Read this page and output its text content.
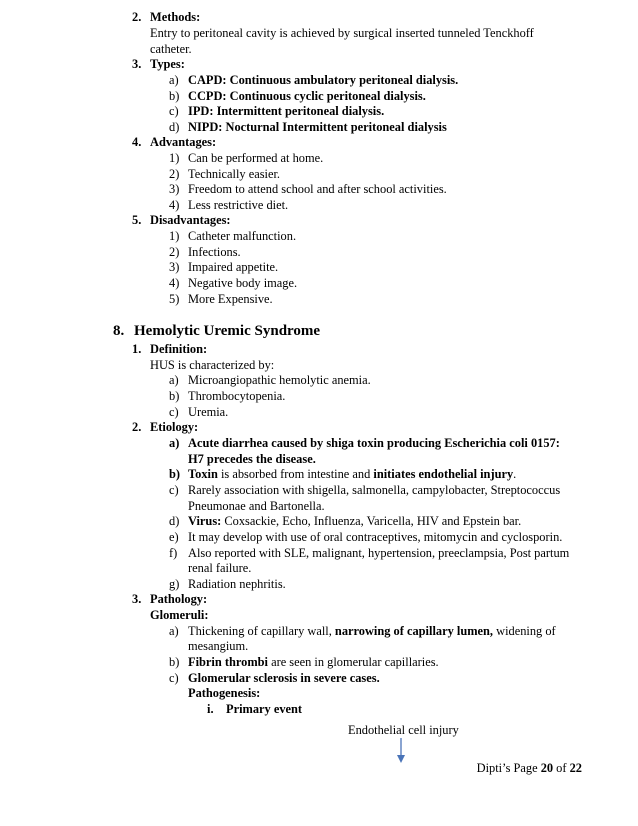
2. Methods:
Entry to peritoneal cavity is achieved by surgical inserted tunneled Tenckhoff
catheter.
3. Types:
a) CAPD: Continuous ambulatory peritoneal dialysis.
b) CCPD: Continuous cyclic peritoneal dialysis.
c) IPD: Intermittent peritoneal dialysis.
d) NIPD: Nocturnal Intermittent peritoneal dialysis
4. Advantages:
1) Can be performed at home.
2) Technically easier.
3) Freedom to attend school and after school activities.
4) Less restrictive diet.
5. Disadvantages:
1) Catheter malfunction.
2) Infections.
3) Impaired appetite.
4) Negative body image.
5) More Expensive.
8. Hemolytic Uremic Syndrome
1. Definition:
HUS is characterized by:
a) Microangiopathic hemolytic anemia.
b) Thrombocytopenia.
c) Uremia.
2. Etiology:
a) Acute diarrhea caused by shiga toxin producing Escherichia coli 0157:
H7 precedes the disease.
b) Toxin is absorbed from intestine and initiates endothelial injury.
c) Rarely association with shigella, salmonella, campylobacter, Streptococcus
Pneumonae and Bartonella.
d) Virus: Coxsackie, Echo, Influenza, Varicella, HIV and Epstein bar.
e) It may develop with use of oral contraceptives, mitomycin and cyclosporin.
f) Also reported with SLE, malignant, hypertension, preeclampsia, Post partum
renal failure.
g) Radiation nephritis.
3. Pathology:
Glomeruli:
a) Thickening of capillary wall, narrowing of capillary lumen, widening of
mesangium.
b) Fibrin thrombi are seen in glomerular capillaries.
c) Glomerular sclerosis in severe cases.
Pathogenesis:
i. Primary event
Endothelial cell injury
Dipti’s Page 20 of 22
